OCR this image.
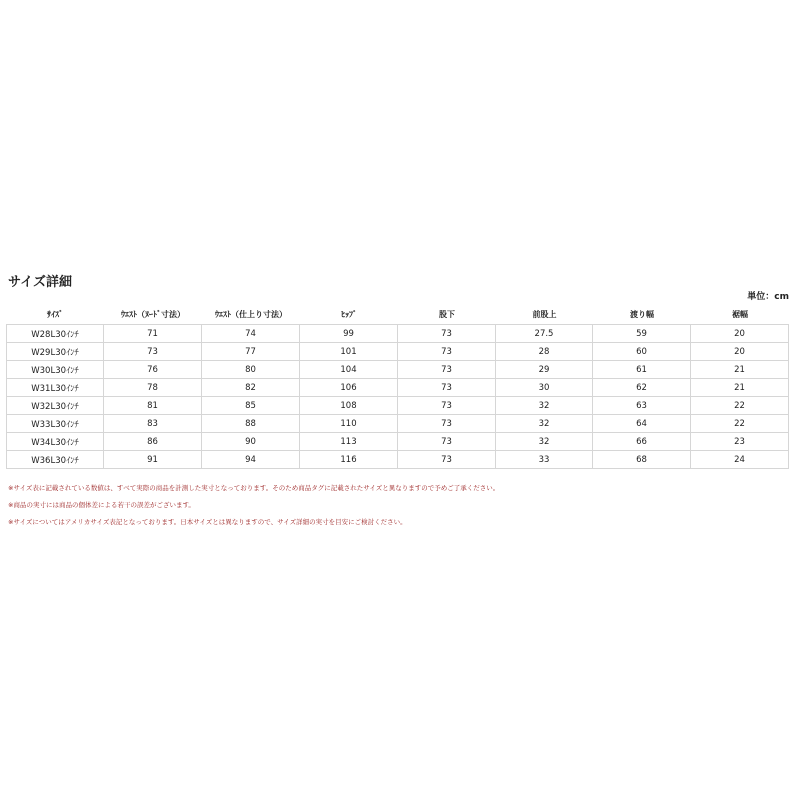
サイズ詳細
単位：cm
ｻｲｽﾞ	ｳｴｽﾄ（ﾇｰﾄﾞ寸法）	ｳｴｽﾄ（仕上り寸法）	ﾋｯﾌﾟ	股下	前股上	渡り幅	裾幅
W28L30ｲﾝﾁ	71	74	99	73	27.5	59	20
W29L30ｲﾝﾁ	73	77	101	73	28	60	20
W30L30ｲﾝﾁ	76	80	104	73	29	61	21
W31L30ｲﾝﾁ	78	82	106	73	30	62	21
W32L30ｲﾝﾁ	81	85	108	73	32	63	22
W33L30ｲﾝﾁ	83	88	110	73	32	64	22
W34L30ｲﾝﾁ	86	90	113	73	32	66	23
W36L30ｲﾝﾁ	91	94	116	73	33	68	24
※サイズ表に記載されている数値は、すべて実際の商品を計測した実寸となっております。そのため商品タグに記載されたサイズと異なりますので予めご了承ください。
※商品の実寸には商品の個体差による若干の誤差がございます。
※サイズについてはアメリカサイズ表記となっております。日本サイズとは異なりますので、サイズ詳細の実寸を目安にご検討ください。
